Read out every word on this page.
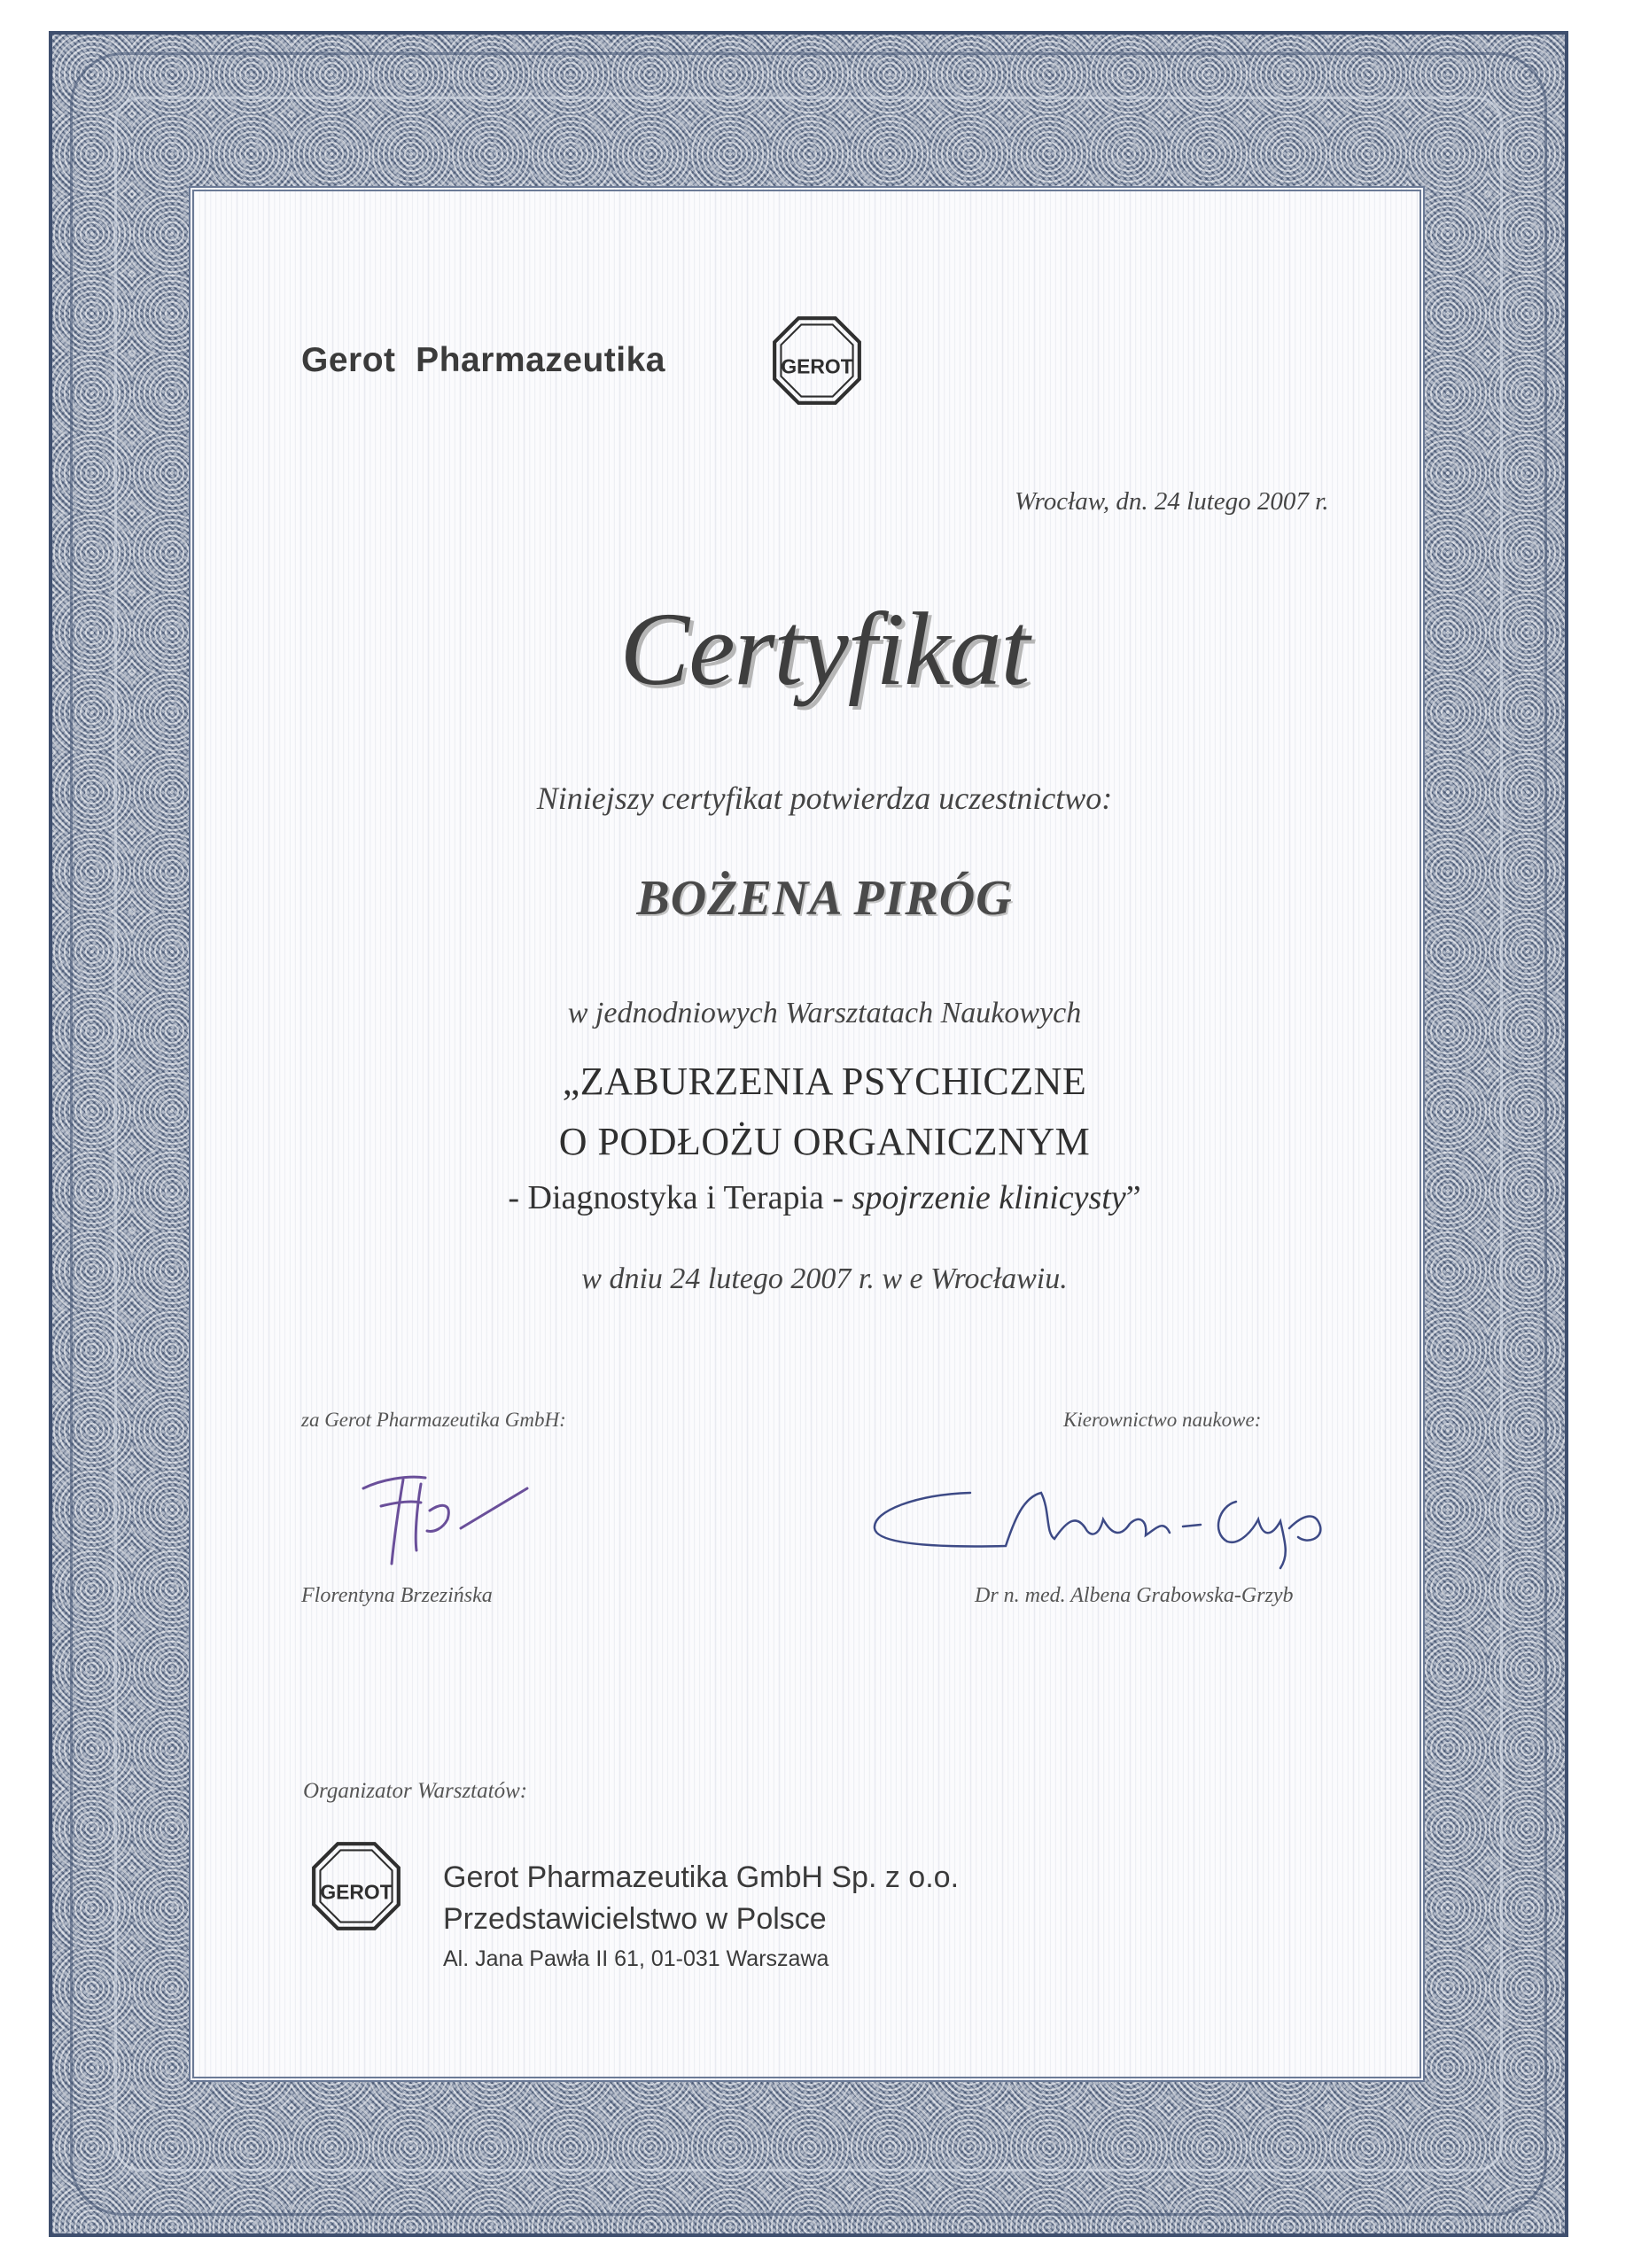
Gerot  Pharmazeutika	GEROT
Wrocław, dn. 24 lutego 2007 r.
Certyfikat
Niniejszy certyfikat potwierdza uczestnictwo:
BOŻENA PIRÓG
w jednodniowych Warsztatach Naukowych
„ZABURZENIA PSYCHICZNE
O PODŁOŻU ORGANICZNYM
- Diagnostyka i Terapia - spojrzenie klinicysty”
w dniu 24 lutego 2007 r. w e Wrocławiu.
za Gerot Pharmazeutika GmbH:	Kierownictwo naukowe:
Florentyna Brzezińska	Dr n. med. Albena Grabowska-Grzyb
Organizator Warsztatów:
GEROT Gerot Pharmazeutika GmbH Sp. z o.o.
Przedstawicielstwo w Polsce
Al. Jana Pawła II 61, 01-031 Warszawa
